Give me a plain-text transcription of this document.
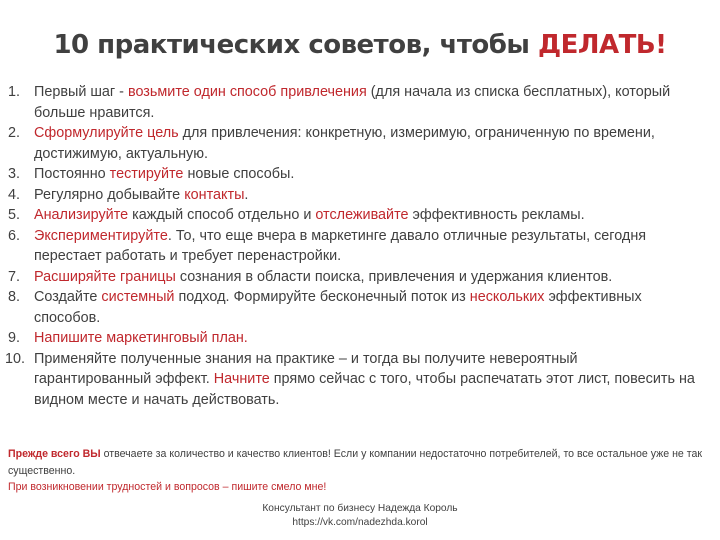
10 практических советов, чтобы ДЕЛАТЬ!
1. Первый шаг - возьмите один способ привлечения (для начала из списка бесплатных), который больше нравится.
2. Сформулируйте цель для привлечения: конкретную, измеримую, ограниченную по времени, достижимую, актуальную.
3. Постоянно тестируйте новые способы.
4. Регулярно добывайте контакты.
5. Анализируйте каждый способ отдельно и отслеживайте эффективность рекламы.
6. Экспериментируйте. То, что еще вчера в маркетинге давало отличные результаты, сегодня перестает работать и требует перенастройки.
7. Расширяйте границы сознания в области поиска, привлечения и удержания клиентов.
8. Создайте системный подход. Формируйте бесконечный поток из нескольких эффективных способов.
9. Напишите маркетинговый план.
10. Применяйте полученные знания на практике – и тогда вы получите невероятный гарантированный эффект. Начните прямо сейчас с того, чтобы распечатать этот лист, повесить на видном месте и начать действовать.
Прежде всего ВЫ отвечаете за количество и качество клиентов! Если у компании недостаточно потребителей, то все остальное уже не так существенно.
При возникновении трудностей и вопросов – пишите смело мне!
Консультант по бизнесу Надежда Король
https://vk.com/nadezhda.korol
